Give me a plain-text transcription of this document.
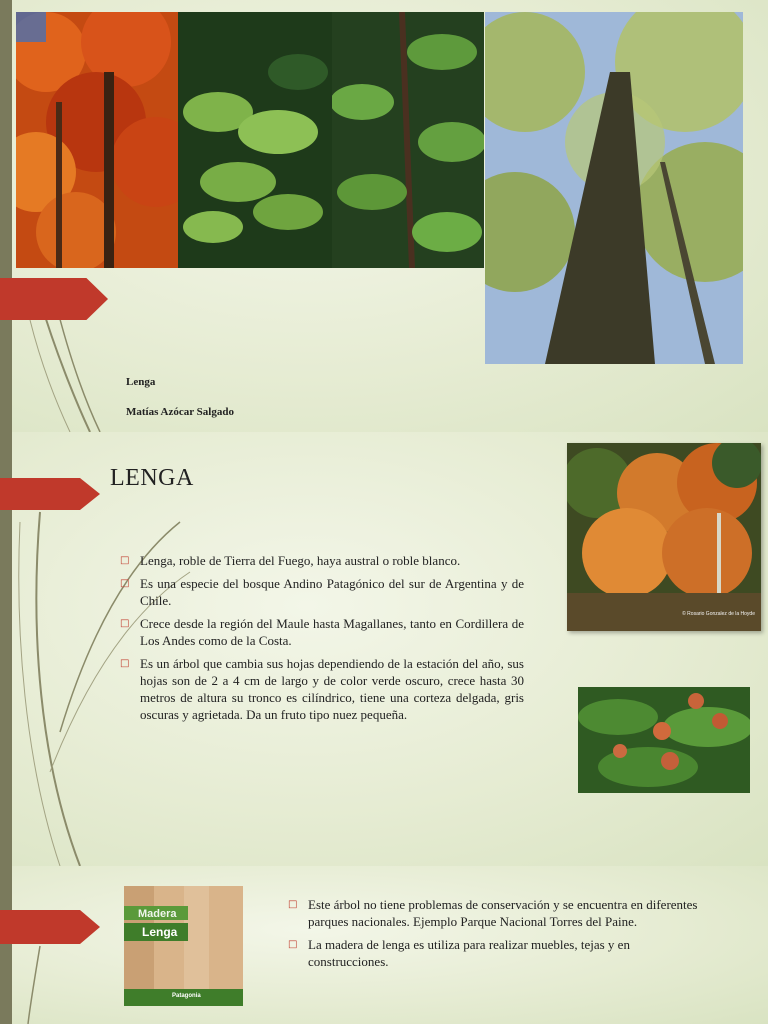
Lenga
Matías Azócar Salgado
LENGA
□ Lenga, roble de Tierra del Fuego, haya austral o roble blanco.
□ Es una especie del bosque Andino Patagónico del sur de Argentina y de Chile.
□ Crece desde la región del Maule hasta Magallanes, tanto en Cordillera de Los Andes como de la Costa.
□ Es un árbol que cambia sus hojas dependiendo de la estación del año, sus hojas son de 2 a 4 cm de largo y de color verde oscuro, crece hasta 30 metros de altura su tronco es cilíndrico, tiene una corteza delgada, gris oscuras y agrietada. Da un fruto tipo nuez pequeña.
© Rosario Gonzalez de la Hoyde
Madera
Lenga
Patagonia
□ Este árbol no tiene problemas de conservación y se encuentra en diferentes parques nacionales. Ejemplo Parque Nacional Torres del Paine.
□ La madera de lenga es utiliza para realizar muebles, tejas y en construcciones.
